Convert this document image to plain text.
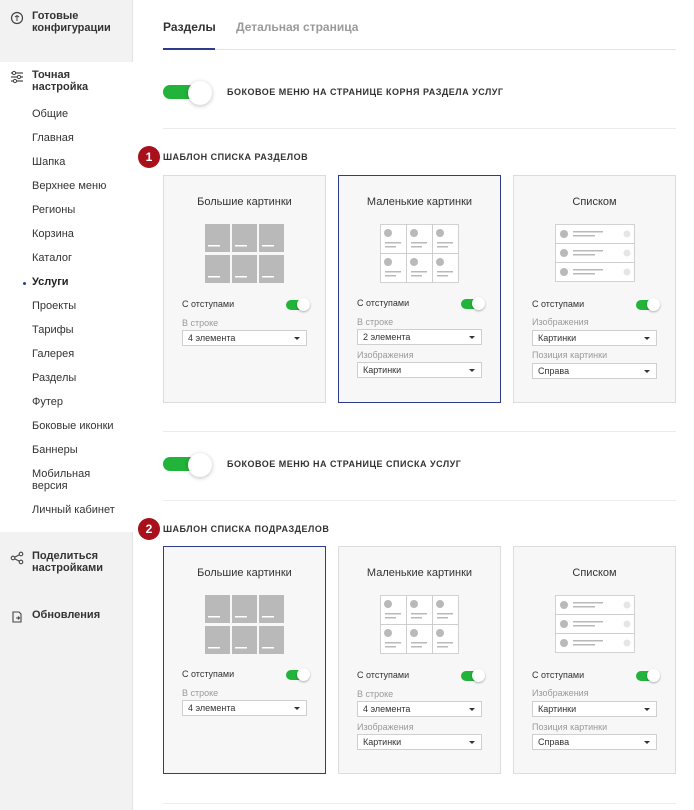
Готовые конфигурации
Точная настройка
Общие
Главная
Шапка
Верхнее меню
Регионы
Корзина
Каталог
Услуги
Проекты
Тарифы
Галерея
Разделы
Футер
Боковые иконки
Баннеры
Мобильная версия
Личный кабинет
Поделиться настройками
Обновления
Разделы Детальная страница
БОКОВОЕ МЕНЮ НА СТРАНИЦЕ КОРНЯ РАЗДЕЛА УСЛУГ
1	ШАБЛОН СПИСКА РАЗДЕЛОВ
Большие картинки
С отступами
В строке
4 элемента
Маленькие картинки
С отступами
В строке
2 элемента
Изображения
Картинки
Списком
С отступами
Изображения
Картинки
Позиция картинки
Справа
БОКОВОЕ МЕНЮ НА СТРАНИЦЕ СПИСКА УСЛУГ
2	ШАБЛОН СПИСКА ПОДРАЗДЕЛОВ
Большие картинки
С отступами
В строке
4 элемента
Маленькие картинки
С отступами
В строке
4 элемента
Изображения
Картинки
Списком
С отступами
Изображения
Картинки
Позиция картинки
Справа
